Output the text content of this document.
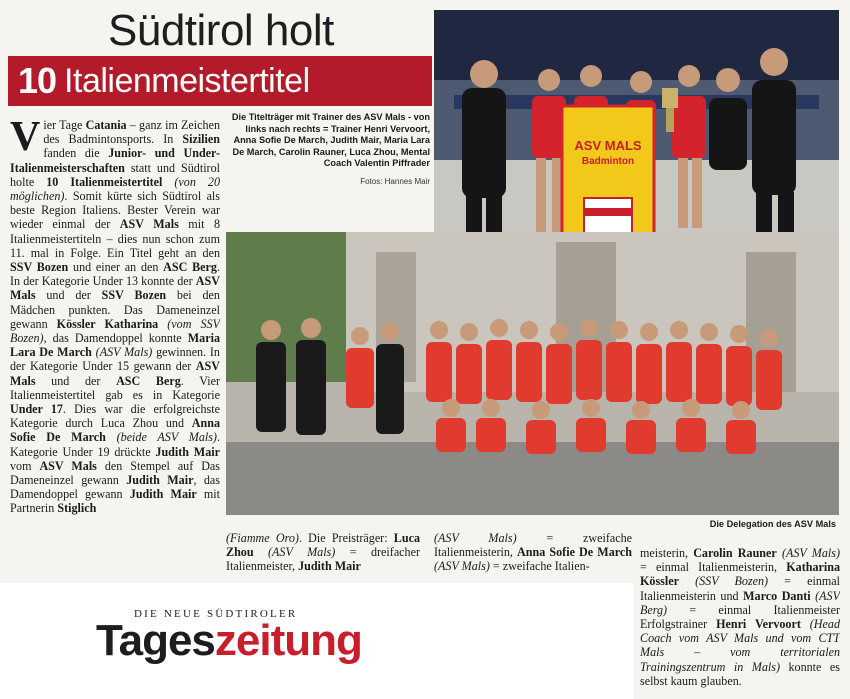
Südtirol holt
10 Italienmeistertitel
Vier Tage Catania – ganz im Zeichen des Badmintonsports. In Sizilien fanden die Junior- und Under-Italienmeisterschaften statt und Südtirol holte 10 Italienmeistertitel (von 20 möglichen). Somit kürte sich Südtirol als beste Region Italiens. Bester Verein war wieder einmal der ASV Mals mit 8 Italienmeistertiteln – dies nun schon zum 11. mal in Folge. Ein Titel geht an den SSV Bozen und einer an den ASC Berg. In der Kategorie Under 13 konnte der ASV Mals und der SSV Bozen bei den Mädchen punkten. Das Dameneinzel gewann Kössler Katharina (vom SSV Bozen), das Damendoppel konnte Maria Lara De March (ASV Mals) gewinnen. In der Kategorie Under 15 gewann der ASV Mals und der ASC Berg. Vier Italienmeistertitel gab es in Kategorie Under 17. Dies war die erfolgreichste Kategorie durch Luca Zhou und Anna Sofie De March (beide ASV Mals). Kategorie Under 19 drückte Judith Mair vom ASV Mals den Stempel auf Das Dameneinzel gewann Judith Mair, das Damendoppel gewann Judith Mair mit Partnerin Stiglich
Die Titelträger mit Trainer des ASV Mals - von links nach rechts = Trainer Henri Vervoort, Anna Sofie De March, Judith Mair, Maria Lara De March, Carolin Rauner, Luca Zhou, Mental Coach Valentin Piffrader
Fotos: Hannes Mair
ASV MALS
Badminton
Die Delegation des ASV Mals
(Fiamme Oro). Die Preisträger: Luca Zhou (ASV Mals) = dreifacher Italienmeister, Judith Mair
(ASV Mals) = zweifache Italienmeisterin, Anna Sofie De March (ASV Mals) = zweifache Italien-
meisterin, Carolin Rauner (ASV Mals) = einmal Italienmeisterin, Katharina Kössler (SSV Bozen) = einmal Italienmeisterin und Marco Danti (ASV Berg) = einmal Italienmeister Erfolgstrainer Henri Vervoort (Head Coach vom ASV Mals und vom CTT Mals – vom territorialen Trainingszentrum in Mals) konnte es selbst kaum glauben.
DIE NEUE SÜDTIROLER
Tageszeitung
